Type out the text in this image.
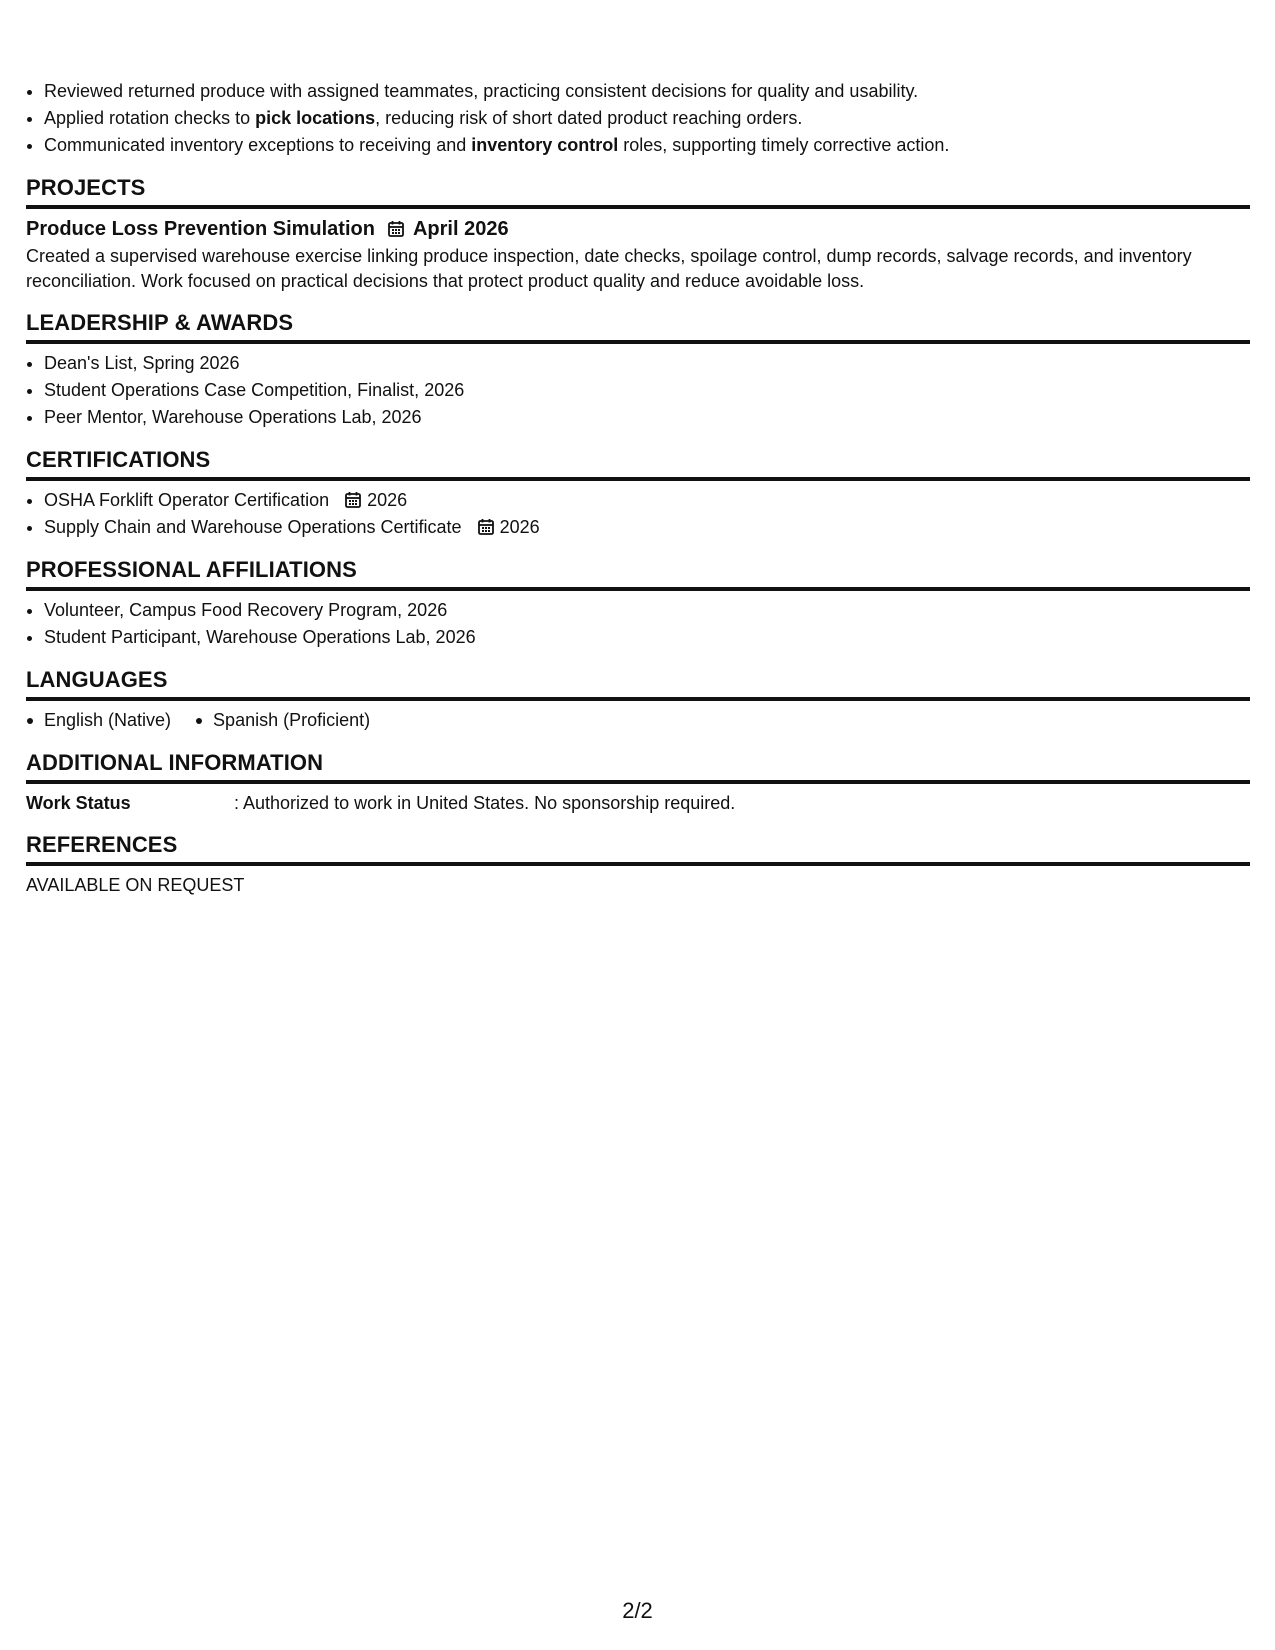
• Reviewed returned produce with assigned teammates, practicing consistent decisions for quality and usability.
• Applied rotation checks to pick locations, reducing risk of short dated product reaching orders.
• Communicated inventory exceptions to receiving and inventory control roles, supporting timely corrective action.
PROJECTS
Produce Loss Prevention Simulation April 2026

Created a supervised warehouse exercise linking produce inspection, date checks, spoilage control, dump records, salvage records, and inventory reconciliation. Work focused on practical decisions that protect product quality and reduce avoidable loss.

LEADERSHIP & AWARDS
• Dean's List, Spring 2026
• Student Operations Case Competition, Finalist, 2026
• Peer Mentor, Warehouse Operations Lab, 2026
CERTIFICATIONS
• OSHA Forklift Operator Certification 2026
• Supply Chain and Warehouse Operations Certificate 2026
PROFESSIONAL AFFILIATIONS
• Volunteer, Campus Food Recovery Program, 2026
• Student Participant, Warehouse Operations Lab, 2026
LANGUAGES
English (Native)	Spanish (Proficient)
ADDITIONAL INFORMATION
Work Status	: Authorized to work in United States. No sponsorship required.
REFERENCES
AVAILABLE ON REQUEST
2/2
